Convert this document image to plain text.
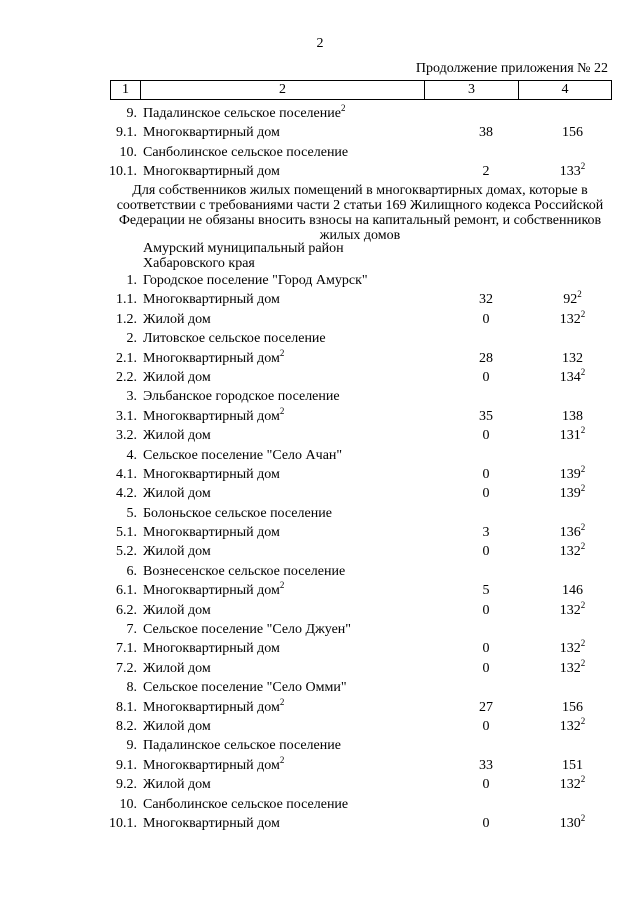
2
Продолжение приложения № 22
1	2	3	4
9. Падалинское сельское поселение$^2$
9.1. Многоквартирный дом	38	156
10. Санболинское сельское поселение
10.1. Многоквартирный дом	2	$133^2$
Для собственников жилых помещений в многоквартирных домах, которые в соответствии с требованиями части 2 статьи 169 Жилищного кодекса Российской Федерации не обязаны вносить взносы на капитальный ремонт, и собственников жилых домов
Амурский муниципальный район
Хабаровского края
1. Городское поселение "Город Амурск"
1.1. Многоквартирный дом	32	$92^2$
1.2. Жилой дом	0	$132^2$
2. Литовское сельское поселение
2.1. Многоквартирный дом$^2$	28	132
2.2. Жилой дом	0	$134^2$
3. Эльбанское городское поселение
3.1. Многоквартирный дом$^2$	35	138
3.2. Жилой дом	0	$131^2$
4. Сельское поселение "Село Ачан"
4.1. Многоквартирный дом	0	$139^2$
4.2. Жилой дом	0	$139^2$
5. Болоньское сельское поселение
5.1. Многоквартирный дом	3	$136^2$
5.2. Жилой дом	0	$132^2$
6. Вознесенское сельское поселение
6.1. Многоквартирный дом$^2$	5	146
6.2. Жилой дом	0	$132^2$
7. Сельское поселение "Село Джуен"
7.1. Многоквартирный дом	0	$132^2$
7.2. Жилой дом	0	$132^2$
8. Сельское поселение "Село Омми"
8.1. Многоквартирный дом$^2$	27	156
8.2. Жилой дом	0	$132^2$
9. Падалинское сельское поселение
9.1. Многоквартирный дом$^2$	33	151
9.2. Жилой дом	0	$132^2$
10. Санболинское сельское поселение
10.1. Многоквартирный дом	0	$130^2$
